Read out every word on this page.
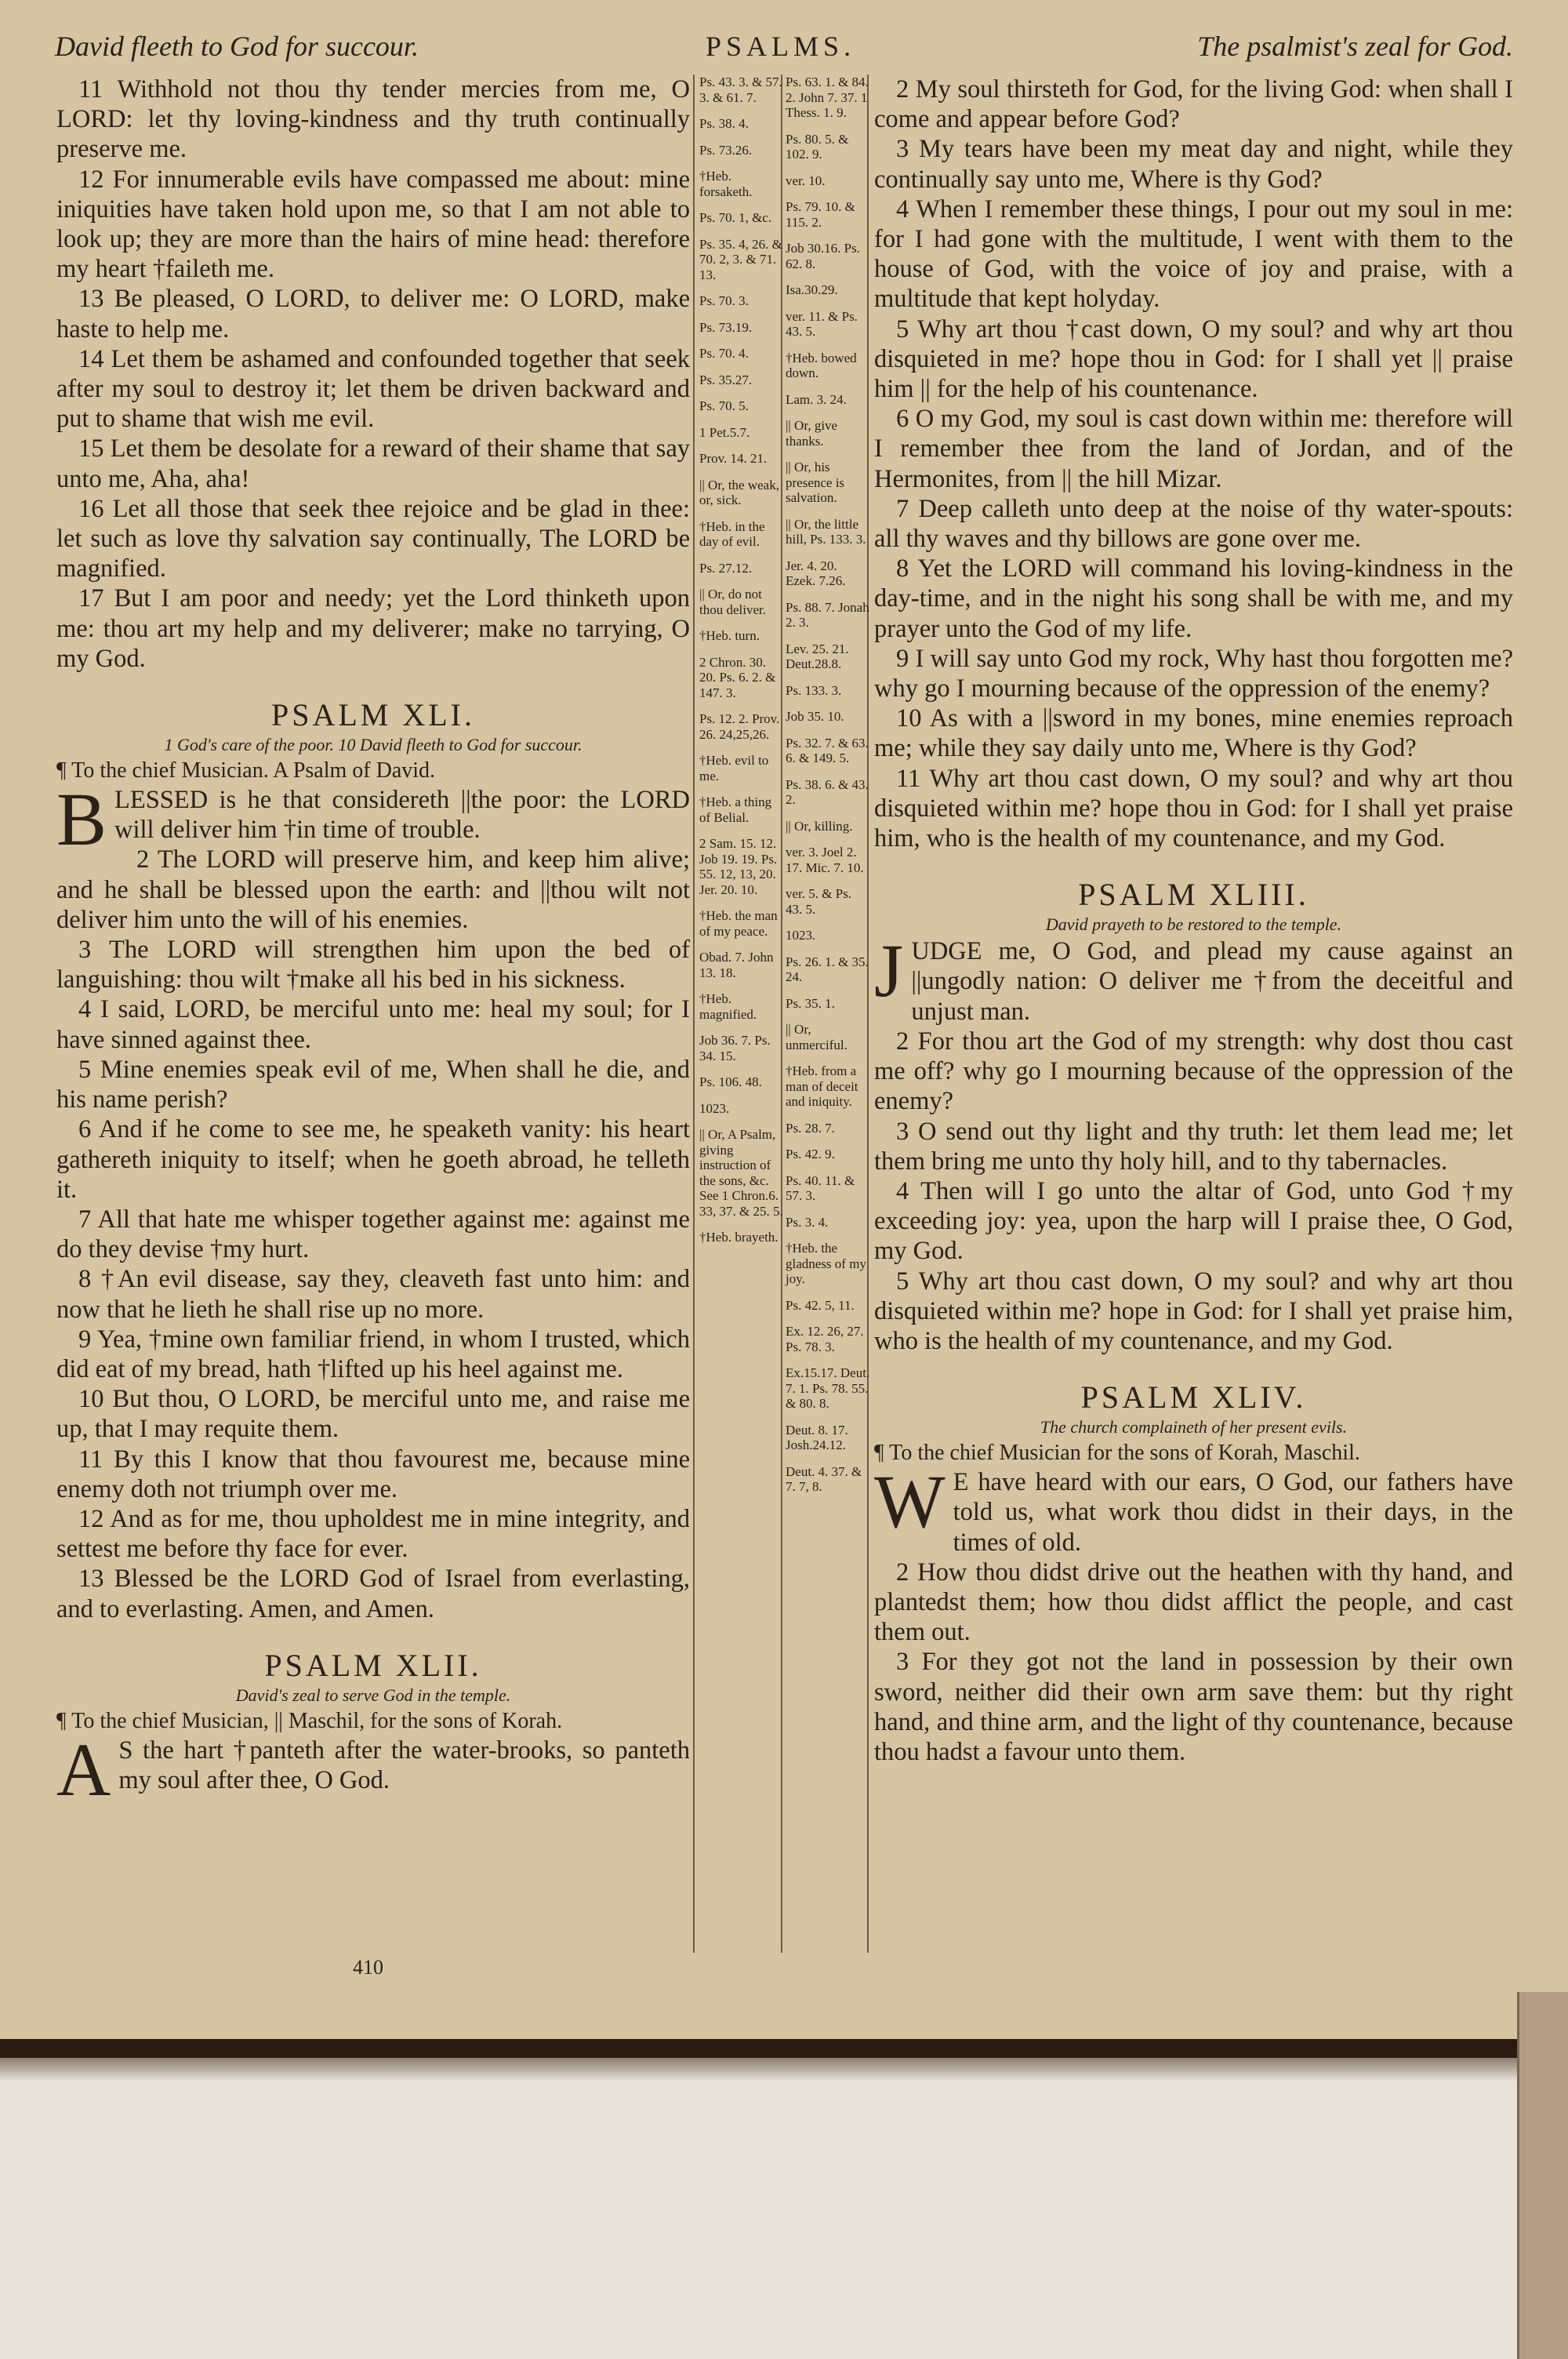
David fleeth to God for succour.	PSALMS.	The psalmist's zeal for God.

11 Withhold not thou thy tender mercies from me, O LORD: let thy loving-kindness and thy truth continually preserve me.

12 For innumerable evils have compassed me about: mine iniquities have taken hold upon me, so that I am not able to look up; they are more than the hairs of mine head: therefore my heart †faileth me.

13 Be pleased, O LORD, to deliver me: O LORD, make haste to help me.

14 Let them be ashamed and confounded together that seek after my soul to destroy it; let them be driven backward and put to shame that wish me evil.

15 Let them be desolate for a reward of their shame that say unto me, Aha, aha!

16 Let all those that seek thee rejoice and be glad in thee: let such as love thy salvation say continually, The LORD be magnified.

17 But I am poor and needy; yet the Lord thinketh upon me: thou art my help and my deliverer; make no tarrying, O my God.

PSALM XLI.
1 God's care of the poor. 10 David fleeth to God for succour.

¶ To the chief Musician. A Psalm of David.

BLESSED is he that considereth ||the poor: the LORD will deliver him †in time of trouble.

2 The LORD will preserve him, and keep him alive; and he shall be blessed upon the earth: and ||thou wilt not deliver him unto the will of his enemies.

3 The LORD will strengthen him upon the bed of languishing: thou wilt †make all his bed in his sickness.

4 I said, LORD, be merciful unto me: heal my soul; for I have sinned against thee.

5 Mine enemies speak evil of me, When shall he die, and his name perish?

6 And if he come to see me, he speaketh vanity: his heart gathereth iniquity to itself; when he goeth abroad, he telleth it.

7 All that hate me whisper together against me: against me do they devise †my hurt.

8 †An evil disease, say they, cleaveth fast unto him: and now that he lieth he shall rise up no more.

9 Yea, †mine own familiar friend, in whom I trusted, which did eat of my bread, hath †lifted up his heel against me.

10 But thou, O LORD, be merciful unto me, and raise me up, that I may requite them.

11 By this I know that thou favourest me, because mine enemy doth not triumph over me.

12 And as for me, thou upholdest me in mine integrity, and settest me before thy face for ever.

13 Blessed be the LORD God of Israel from everlasting, and to everlasting. Amen, and Amen.

PSALM XLII.
David's zeal to serve God in the temple.

¶ To the chief Musician, || Maschil, for the sons of Korah.

A S the hart †panteth after the water-brooks, so panteth my soul after thee, O God.

Ps. 43. 3. & 57. 3. & 61. 7.
Ps. 38. 4.
Ps. 73.26.
†Heb. forsaketh.
Ps. 70. 1, &c.
Ps. 35. 4, 26. & 70. 2, 3. & 71. 13.
Ps. 70. 3.
Ps. 73.19.
Ps. 70. 4.
Ps. 35.27.
Ps. 70. 5.
1 Pet.5.7.
Prov. 14. 21.
|| Or, the weak, or, sick.
†Heb. in the day of evil.
Ps. 27.12.
|| Or, do not thou deliver.
†Heb. turn.
2 Chron. 30. 20. Ps. 6. 2. & 147. 3.
Ps. 12. 2. Prov. 26. 24,25,26.
†Heb. evil to me.
†Heb. a thing of Belial.
2 Sam. 15. 12. Job 19. 19. Ps. 55. 12, 13, 20. Jer. 20. 10.
†Heb. the man of my peace.
Obad. 7. John 13. 18.
†Heb. magnified.
Job 36. 7. Ps. 34. 15.
Ps. 106. 48.
1023.
|| Or, A Psalm, giving instruction of the sons, &c. See 1 Chron.6. 33, 37. & 25. 5.
†Heb. brayeth.
Ps. 63. 1. & 84. 2. John 7. 37. 1 Thess. 1. 9.
Ps. 80. 5. & 102. 9.
ver. 10.
Ps. 79. 10. & 115. 2.
Job 30.16. Ps. 62. 8.
Isa.30.29.
ver. 11. & Ps. 43. 5.
†Heb. bowed down.
Lam. 3. 24.
|| Or, give thanks.
|| Or, his presence is salvation.
|| Or, the little hill, Ps. 133. 3.
Jer. 4. 20. Ezek. 7.26.
Ps. 88. 7. Jonah 2. 3.
Lev. 25. 21. Deut.28.8.
Ps. 133. 3.
Job 35. 10.
Ps. 32. 7. & 63. 6. & 149. 5.
Ps. 38. 6. & 43. 2.
|| Or, killing.
ver. 3. Joel 2. 17. Mic. 7. 10.
ver. 5. & Ps. 43. 5.
1023.
Ps. 26. 1. & 35. 24.
Ps. 35. 1.
|| Or, unmerciful.
†Heb. from a man of deceit and iniquity.
Ps. 28. 7.
Ps. 42. 9.
Ps. 40. 11. & 57. 3.
Ps. 3. 4.
†Heb. the gladness of my joy.
Ps. 42. 5, 11.
Ex. 12. 26, 27. Ps. 78. 3.
Ex.15.17. Deut. 7. 1. Ps. 78. 55. & 80. 8.
Deut. 8. 17. Josh.24.12.
Deut. 4. 37. & 7. 7, 8.

2 My soul thirsteth for God, for the living God: when shall I come and appear before God?

3 My tears have been my meat day and night, while they continually say unto me, Where is thy God?

4 When I remember these things, I pour out my soul in me: for I had gone with the multitude, I went with them to the house of God, with the voice of joy and praise, with a multitude that kept holyday.

5 Why art thou †cast down, O my soul? and why art thou disquieted in me? hope thou in God: for I shall yet || praise him || for the help of his countenance.

6 O my God, my soul is cast down within me: therefore will I remember thee from the land of Jordan, and of the Hermonites, from || the hill Mizar.

7 Deep calleth unto deep at the noise of thy water-spouts: all thy waves and thy billows are gone over me.

8 Yet the LORD will command his loving-kindness in the day-time, and in the night his song shall be with me, and my prayer unto the God of my life.

9 I will say unto God my rock, Why hast thou forgotten me? why go I mourning because of the oppression of the enemy?

10 As with a ||sword in my bones, mine enemies reproach me; while they say daily unto me, Where is thy God?

11 Why art thou cast down, O my soul? and why art thou disquieted within me? hope thou in God: for I shall yet praise him, who is the health of my countenance, and my God.

PSALM XLIII.
David prayeth to be restored to the temple.

JUDGE me, O God, and plead my cause against an ||ungodly nation: O deliver me †from the deceitful and unjust man.

2 For thou art the God of my strength: why dost thou cast me off? why go I mourning because of the oppression of the enemy?

3 O send out thy light and thy truth: let them lead me; let them bring me unto thy holy hill, and to thy tabernacles.

4 Then will I go unto the altar of God, unto God †my exceeding joy: yea, upon the harp will I praise thee, O God, my God.

5 Why art thou cast down, O my soul? and why art thou disquieted within me? hope in God: for I shall yet praise him, who is the health of my countenance, and my God.

PSALM XLIV.
The church complaineth of her present evils.

¶ To the chief Musician for the sons of Korah, Maschil.

W E have heard with our ears, O God, our fathers have told us, what work thou didst in their days, in the times of old.

2 How thou didst drive out the heathen with thy hand, and plantedst them; how thou didst afflict the people, and cast them out.

3 For they got not the land in possession by their own sword, neither did their own arm save them: but thy right hand, and thine arm, and the light of thy countenance, because thou hadst a favour unto them.

410
